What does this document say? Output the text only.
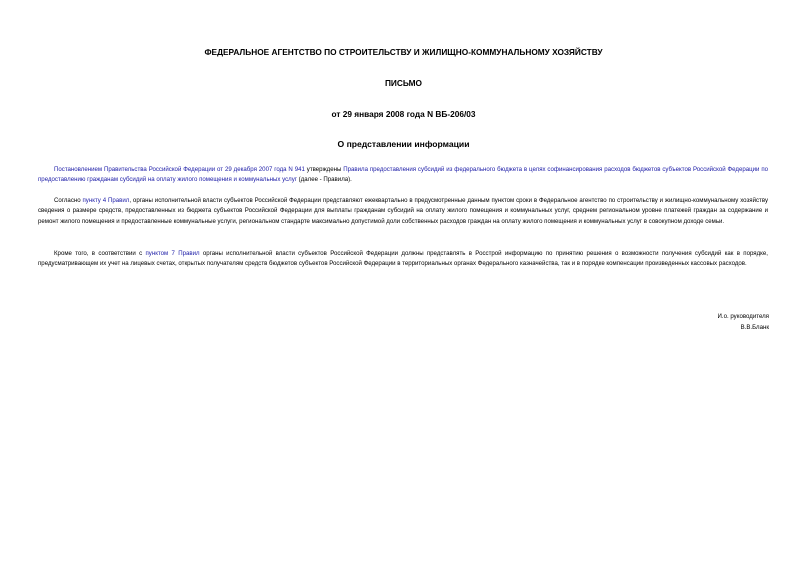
ФЕДЕРАЛЬНОЕ АГЕНТСТВО ПО СТРОИТЕЛЬСТВУ И ЖИЛИЩНО-КОММУНАЛЬНОМУ ХОЗЯЙСТВУ
ПИСЬМО
от 29 января 2008 года N ВБ-206/03
О представлении информации
Постановлением Правительства Российской Федерации от 29 декабря 2007 года N 941 утверждены Правила предоставления субсидий из федерального бюджета в целях софинансирования расходов бюджетов субъектов Российской Федерации по предоставлению гражданам субсидий на оплату жилого помещения и коммунальных услуг (далее - Правила).
Согласно пункту 4 Правил, органы исполнительной власти субъектов Российской Федерации представляют ежеквартально в предусмотренные данным пунктом сроки в Федеральное агентство по строительству и жилищно-коммунальному хозяйству сведения о размере средств, предоставленных из бюджета субъектов Российской Федерации для выплаты гражданам субсидий на оплату жилого помещения и коммунальных услуг, среднем региональном уровне платежей граждан за содержание и ремонт жилого помещения и предоставленные коммунальные услуги, региональном стандарте максимально допустимой доли собственных расходов граждан на оплату жилого помещения и коммунальных услуг в совокупном доходе семьи.
Кроме того, в соответствии с пунктом 7 Правил органы исполнительной власти субъектов Российской Федерации должны представлять в Росстрой информацию по принятию решения о возможности получения субсидий как в порядке, предусматривающем их учет на лицевых счетах, открытых получателям средств бюджетов субъектов Российской Федерации в территориальных органах Федерального казначейства, так и в порядке компенсации произведенных кассовых расходов.
И.о. руководителя
В.В.Бланк
